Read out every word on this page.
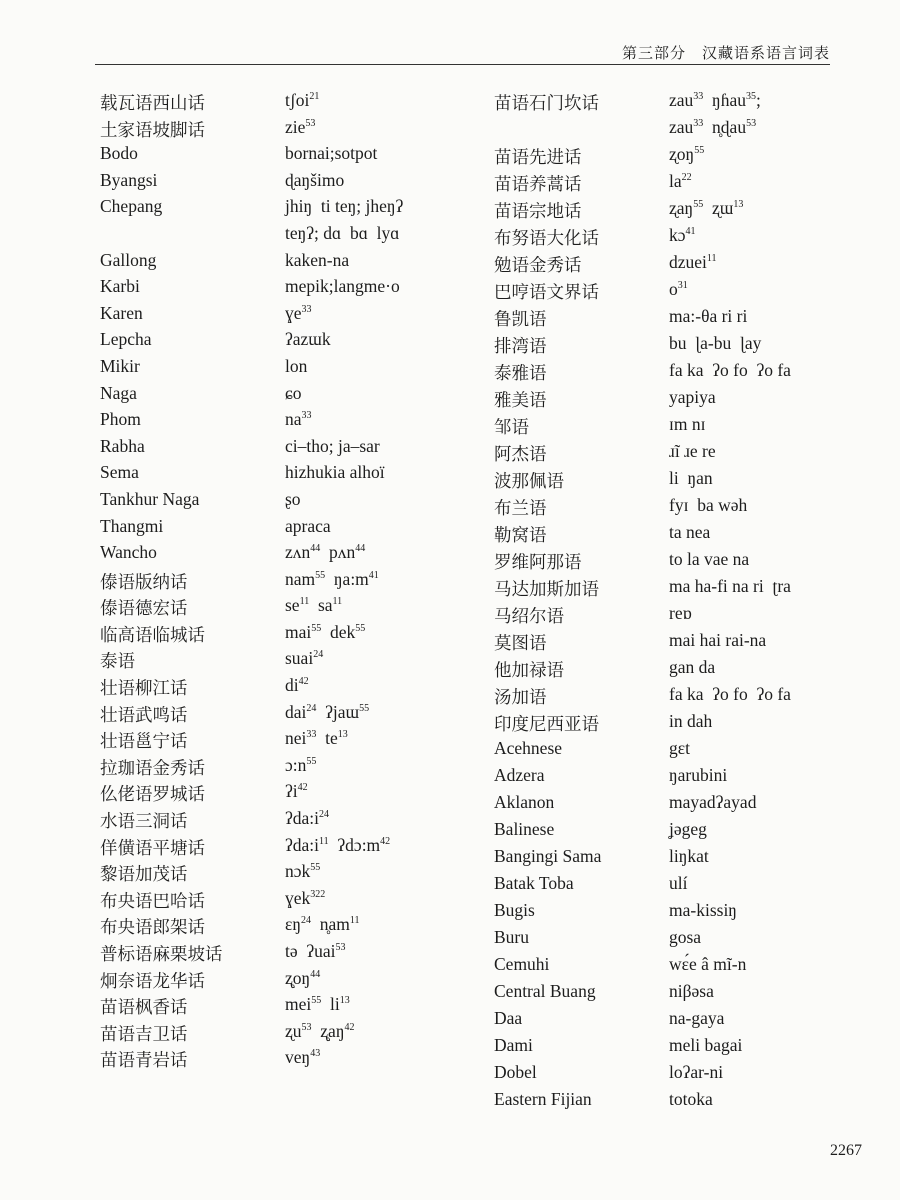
第三部分　汉藏语系语言词表
载瓦语西山话	tʃoi$^{21}$
土家语坡脚话	zie$^{53}$
Bodo	bornai;sotpot
Byangsi	ɖaŋšimo
Chepang	jhiŋ  ti teŋ; jheŋʔ
teŋʔ; dɑ  bɑ  lyɑ
Gallong	kaken-na
Karbi	mepik;langme·o
Karen	ɣe$^{33}$
Lepcha	ʔazɯk
Mikir	lon
Naga	ɕo
Phom	$na^{33}$
Rabha	ci–tho; ja–sar
Sema	hizhukia alhoï
Tankhur Naga	ʂo
Thangmi	apraca
Wancho	zʌn$^{44}$  pʌn$^{44}$
傣语版纳话	nam$^{55}$  $ŋa:m^{41}$
傣语德宏话	$se^{11}$  $sa^{11}$
临高语临城话	mai$^{55}$  dek$^{55}$
泰语	suai$^{24}$
壮语柳江话	$di^{42}$
壮语武鸣话	dai$^{24}$  ʔjaɯ$^{55}$
壮语邕宁话	nei$^{33}$  $te^{13}$
拉珈语金秀话	$ɔ:n^{55}$
仫佬语罗城话	ʔi$^{42}$
水语三洞话	$ʔda:i^{24}$
佯僙语平塘话	$ʔda:i^{11}$  $ʔdɔ:m^{42}$
黎语加茂话	nɔk$^{55}$
布央语巴哈话	ɣek$^{322}$
布央语郎架话	ɛŋ$^{24}$  $n̥am^{11}$
普标语麻栗坡话	tə  ʔuai$^{53}$
炯奈语龙华话	$ʐ̥oŋ^{44}$
苗语枫香话	mei$^{55}$  $li^{13}$
苗语吉卫话	ʐu$^{53}$  $ʐ̥aŋ^{42}$
苗语青岩话	veŋ$^{43}$
苗语石门坎话	zau$^{33}$  ŋɦau$^{35}$;
zau$^{33}$  n̥ɖau$^{53}$
苗语先进话	ʐoŋ$^{55}$
苗语养蒿话	$la^{22}$
苗语宗地话	ʐaŋ$^{55}$  ʐɯ$^{13}$
布努语大化话	kɔ$^{41}$
勉语金秀话	dzuei$^{11}$
巴哼语文界话	$o^{31}$
鲁凯语	ma:-θa ri ri
排湾语	bu  ɭa-bu  ɭay
泰雅语	fa ka  ʔo fo  ʔo fa
雅美语	yapiya
邹语	ɪm nɪ
阿杰语	ɹĩ ɹe re
波那佩语	li  ŋan
布兰语	fyɪ  ba wəh
勒窝语	ta nea
罗维阿那语	to la vae na
马达加斯加语	ma ha-fi na ri  ʈra
马绍尔语	reɒ
莫图语	mai hai rai-na
他加禄语	gan da
汤加语	fa ka  ʔo fo  ʔo fa
印度尼西亚语	in dah
Acehnese	gɛt
Adzera	ŋarubini
Aklanon	mayadʔayad
Balinese	ʝəgeg
Bangingi Sama	liŋkat
Batak Toba	ulí
Bugis	ma-kissiŋ
Buru	gosa
Cemuhi	wɛ́e â mĩ-n
Central Buang	niβəsa
Daa	na-gaya
Dami	meli bagai
Dobel	loʔar-ni
Eastern Fijian	totoka
2267
